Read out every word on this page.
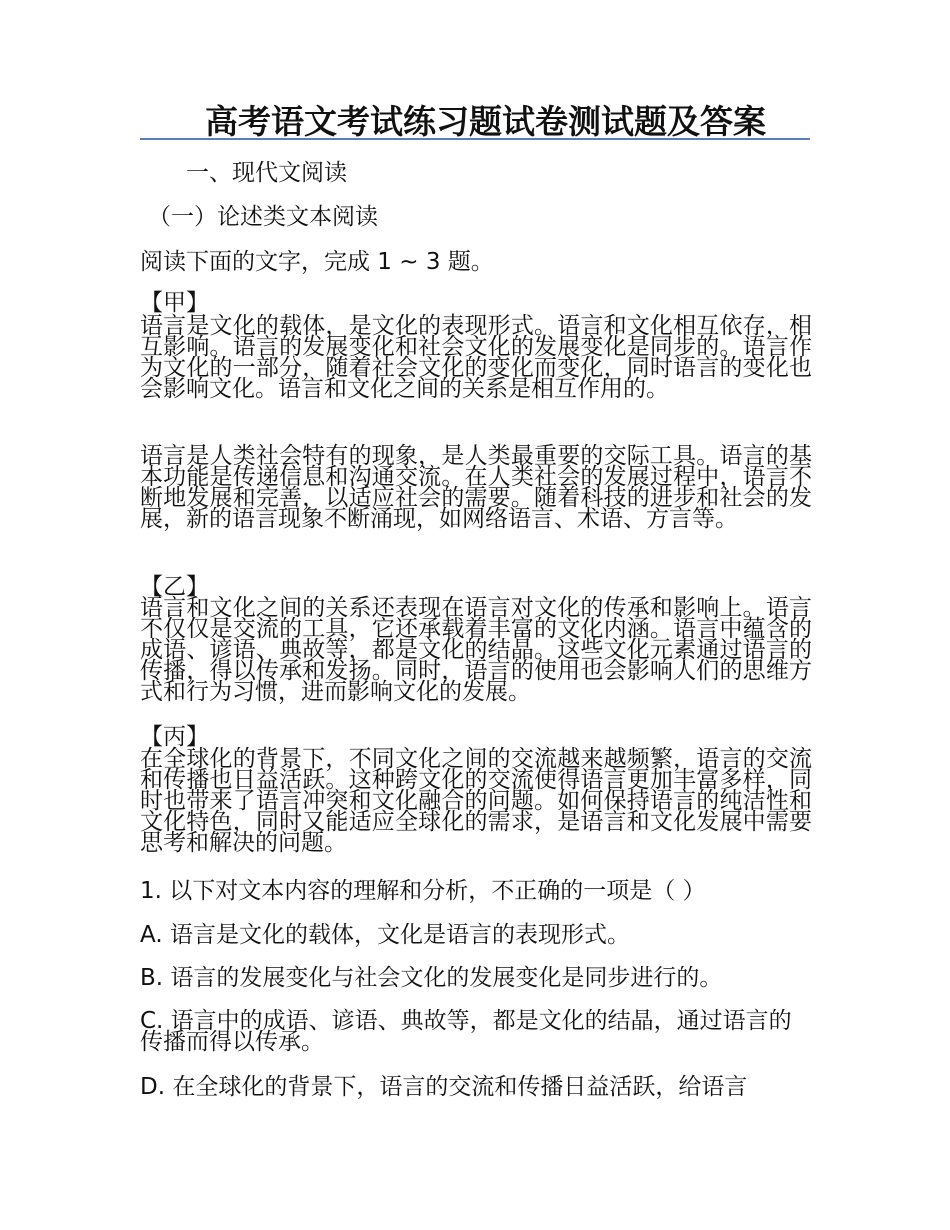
高考语文考试练习题试卷测试题及答案
一、现代文阅读
（一）论述类文本阅读
阅读下面的文字，完成 1 ~ 3 题。
【甲】
语言是文化的载体，是文化的表现形式。语言和文化相互依存，相互影响。语言的发展变化和社会文化的发展变化是同步的。语言作为文化的一部分，随着社会文化的变化而变化，同时语言的变化也会影响文化。语言和文化之间的关系是相互作用的。
语言是人类社会特有的现象，是人类最重要的交际工具。语言的基本功能是传递信息和沟通交流。在人类社会的发展过程中，语言不断地发展和完善，以适应社会的需要。随着科技的进步和社会的发展，新的语言现象不断涌现，如网络语言、术语、方言等。
【乙】
语言和文化之间的关系还表现在语言对文化的传承和影响上。语言不仅仅是交流的工具，它还承载着丰富的文化内涵。语言中蕴含的成语、谚语、典故等，都是文化的结晶。这些文化元素通过语言的传播，得以传承和发扬。同时，语言的使用也会影响人们的思维方式和行为习惯，进而影响文化的发展。
【丙】
在全球化的背景下，不同文化之间的交流越来越频繁，语言的交流和传播也日益活跃。这种跨文化的交流使得语言更加丰富多样，同时也带来了语言冲突和文化融合的问题。如何保持语言的纯洁性和文化特色，同时又能适应全球化的需求，是语言和文化发展中需要思考和解决的问题。
1. 以下对文本内容的理解和分析，不正确的一项是（ ）
A. 语言是文化的载体，文化是语言的表现形式。
B. 语言的发展变化与社会文化的发展变化是同步进行的。
C. 语言中的成语、谚语、典故等，都是文化的结晶，通过语言的传播而得以传承。
D. 在全球化的背景下，语言的交流和传播日益活跃，给语言
